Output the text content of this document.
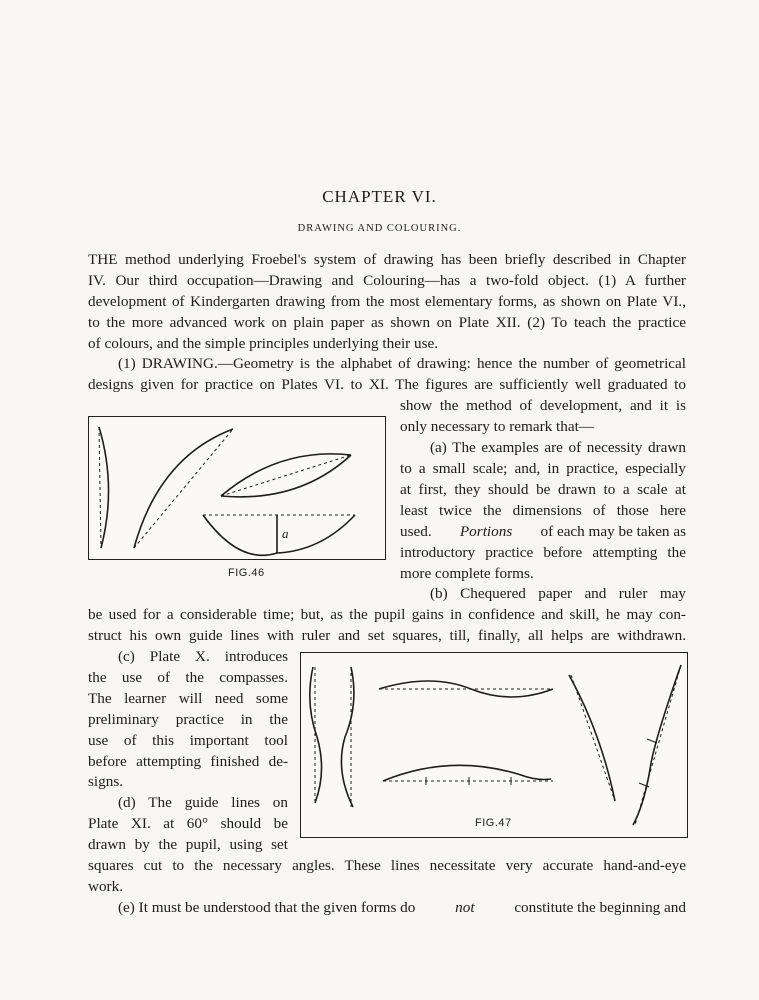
CHAPTER VI.
DRAWING AND COLOURING.
THE method underlying Froebel's system of drawing has been briefly described in Chapter
IV. Our third occupation—Drawing and Colouring—has a two-fold object. (1) A further
development of Kindergarten drawing from the most elementary forms, as shown on Plate VI.,
to the more advanced work on plain paper as shown on Plate XII. (2) To teach the practice
of colours, and the simple principles underlying their use.
(1) DRAWING.—Geometry is the alphabet of drawing: hence the number of geometrical
designs given for practice on Plates VI. to XI. The figures are sufficiently well graduated to
show the method of development, and it is
only necessary to remark that—
(a) The examples are of necessity drawn
to a small scale; and, in practice, especially
at first, they should be drawn to a scale at
least twice the dimensions of those here
used. Portions of each may be taken as
introductory practice before attempting the
more complete forms.
(b) Chequered paper and ruler may
be used for a considerable time; but, as the pupil gains in confidence and skill, he may con-
struct his own guide lines with ruler and set squares, till, finally, all helps are withdrawn.
(c) Plate X. introduces
the use of the compasses.
The learner will need some
preliminary practice in the
use of this important tool
before attempting finished de-
signs.
(d) The guide lines on
Plate XI. at 60° should be
drawn by the pupil, using set
squares cut to the necessary angles. These lines necessitate very accurate hand-and-eye
work.
(e) It must be understood that the given forms do	not	constitute the beginning and
a
FIG.46
FIG.47
